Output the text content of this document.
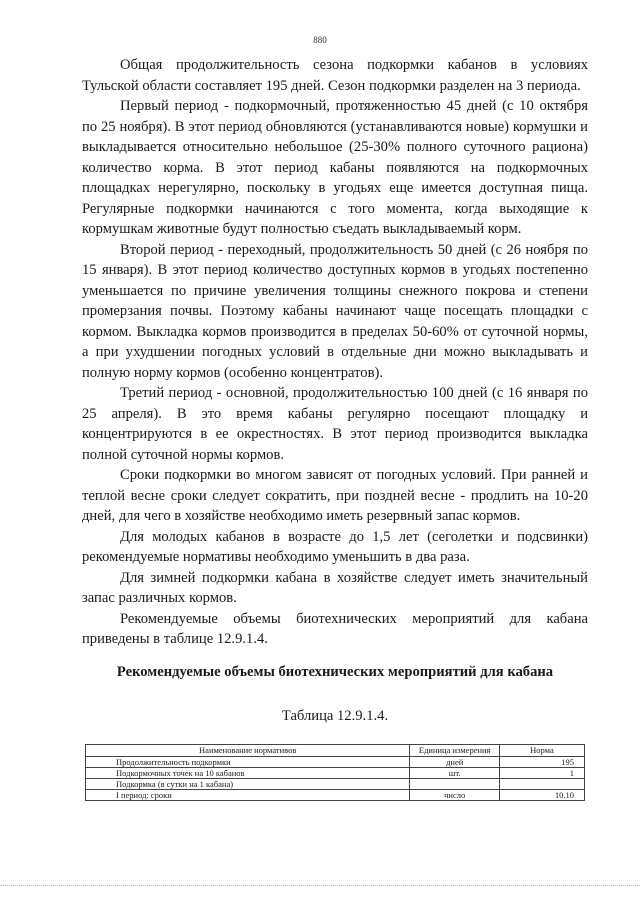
880

Общая продолжительность сезона подкормки кабанов в условиях Тульской области составляет 195 дней. Сезон подкормки разделен на 3 периода.

Первый период - подкормочный, протяженностью 45 дней (с 10 октября по 25 ноября). В этот период обновляются (устанавливаются новые) кормушки и выкладывается относительно небольшое (25-30% полного суточного рациона) количество корма. В этот период кабаны появляются на подкормочных площадках нерегулярно, поскольку в угодьях еще имеется доступная пища. Регулярные подкормки начинаются с того момента, когда выходящие к кормушкам животные будут полностью съедать выкладываемый корм.

Второй период - переходный, продолжительность 50 дней (с 26 ноября по 15 января). В этот период количество доступных кормов в угодьях постепенно уменьшается по причине увеличения толщины снежного покрова и степени промерзания почвы. Поэтому кабаны начинают чаще посещать площадки с кормом. Выкладка кормов производится в пределах 50-60% от суточной нормы, а при ухудшении погодных условий в отдельные дни можно выкладывать и полную норму кормов (особенно концентратов).

Третий период - основной, продолжительностью 100 дней (с 16 января по 25 апреля). В это время кабаны регулярно посещают площадку и концентрируются в ее окрестностях. В этот период производится выкладка полной суточной нормы кормов.

Сроки подкормки во многом зависят от погодных условий. При ранней и теплой весне сроки следует сократить, при поздней весне - продлить на 10-20 дней, для чего в хозяйстве необходимо иметь резервный запас кормов.

Для молодых кабанов в возрасте до 1,5 лет (сеголетки и подсвинки) рекомендуемые нормативы необходимо уменьшить в два раза.

Для зимней подкормки кабана в хозяйстве следует иметь значительный запас различных кормов.

Рекомендуемые объемы биотехнических мероприятий для кабана приведены в таблице 12.9.1.4.

Рекомендуемые объемы биотехнических мероприятий для кабана
Таблица 12.9.1.4.
Наименование нормативов	Единица измерения	Норма
Продолжительность подкормки	дней	195
Подкормочных точек на 10 кабанов	шт.	1
Подкормка (в сутки на 1 кабана)		
I период: сроки	число	10.10
